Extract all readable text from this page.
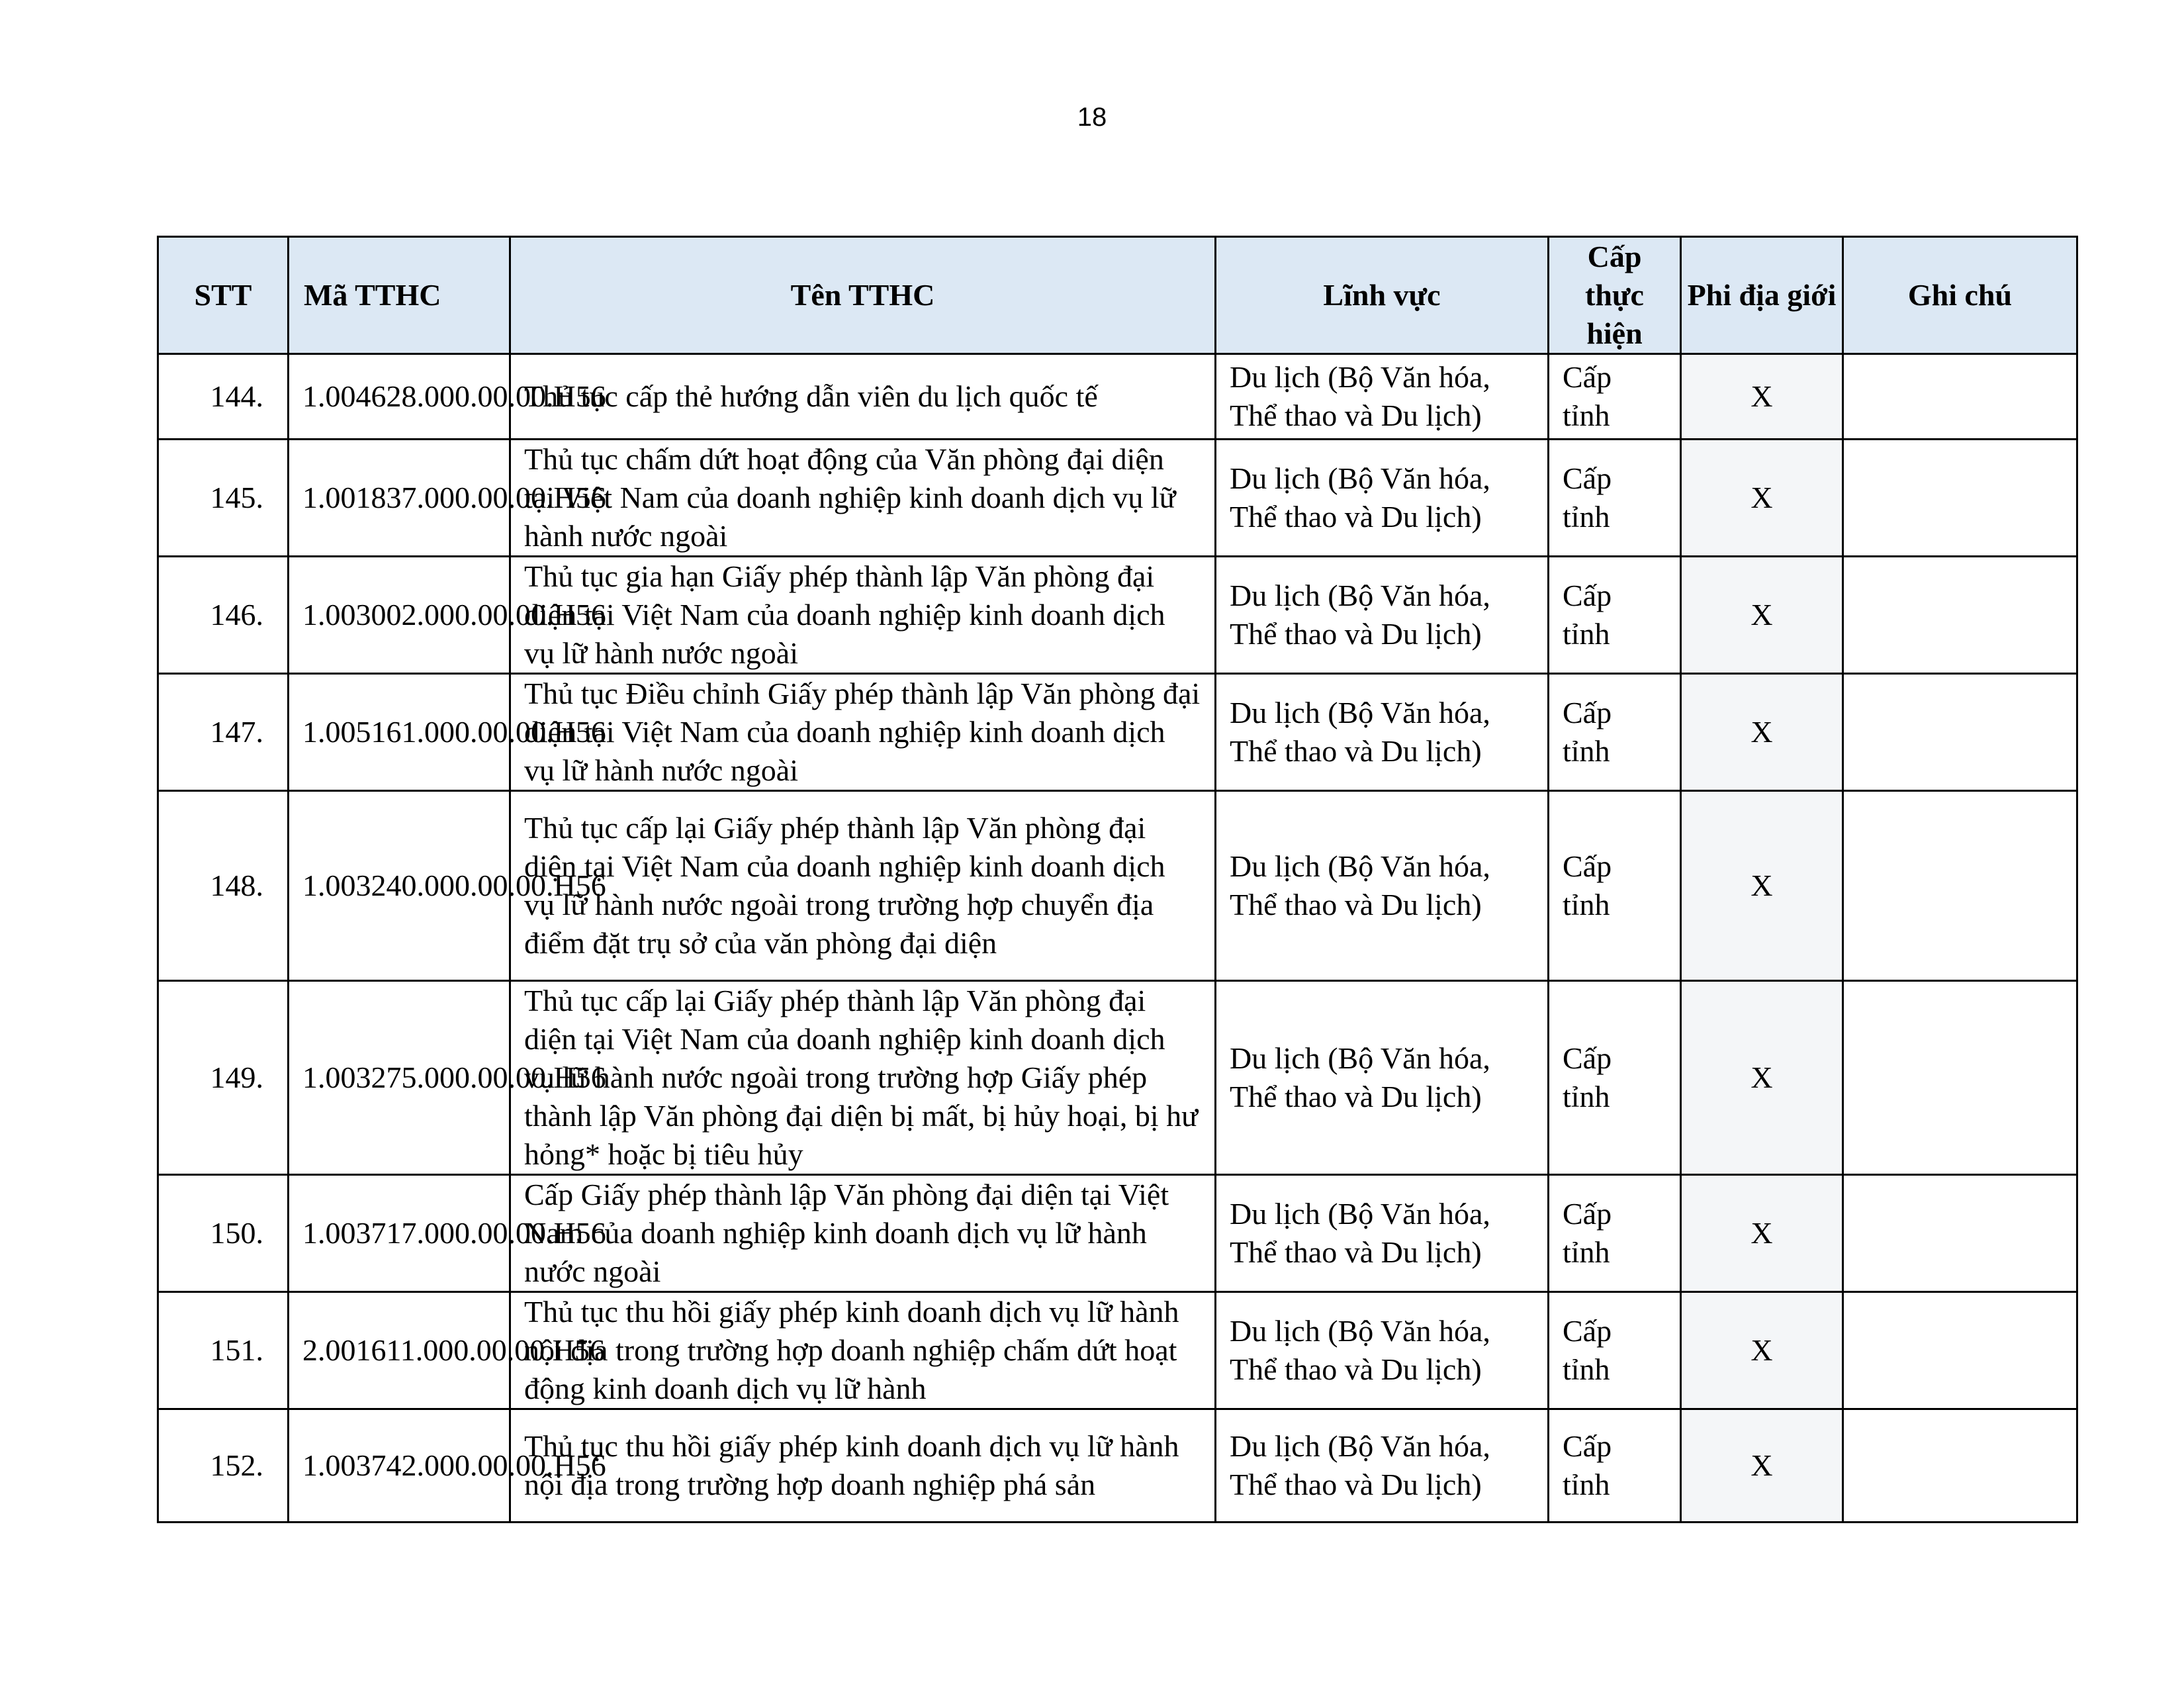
18
STT	Mã TTHC	Tên TTHC	Lĩnh vực	Cấp thực hiện	Phi địa giới	Ghi chú
144.	1.004628.000.00.00.H56	Thủ tục cấp thẻ hướng dẫn viên du lịch quốc tế	Du lịch (Bộ Văn hóa, Thể thao và Du lịch)	Cấp tỉnh	X	
145.	1.001837.000.00.00.H56	Thủ tục chấm dứt hoạt động của Văn phòng đại diện tại Việt Nam của doanh nghiệp kinh doanh dịch vụ lữ hành nước ngoài	Du lịch (Bộ Văn hóa, Thể thao và Du lịch)	Cấp tỉnh	X	
146.	1.003002.000.00.00.H56	Thủ tục gia hạn Giấy phép thành lập Văn phòng đại diện tại Việt Nam của doanh nghiệp kinh doanh dịch vụ lữ hành nước ngoài	Du lịch (Bộ Văn hóa, Thể thao và Du lịch)	Cấp tỉnh	X	
147.	1.005161.000.00.00.H56	Thủ tục Điều chỉnh Giấy phép thành lập Văn phòng đại diện tại Việt Nam của doanh nghiệp kinh doanh dịch vụ lữ hành nước ngoài	Du lịch (Bộ Văn hóa, Thể thao và Du lịch)	Cấp tỉnh	X	
148.	1.003240.000.00.00.H56	Thủ tục cấp lại Giấy phép thành lập Văn phòng đại diện tại Việt Nam của doanh nghiệp kinh doanh dịch vụ lữ hành nước ngoài trong trường hợp chuyển địa điểm đặt trụ sở của văn phòng đại diện	Du lịch (Bộ Văn hóa, Thể thao và Du lịch)	Cấp tỉnh	X	
149.	1.003275.000.00.00.H56	Thủ tục cấp lại Giấy phép thành lập Văn phòng đại diện tại Việt Nam của doanh nghiệp kinh doanh dịch vụ lữ hành nước ngoài trong trường hợp Giấy phép thành lập Văn phòng đại diện bị mất, bị hủy hoại, bị hư hỏng* hoặc bị tiêu hủy	Du lịch (Bộ Văn hóa, Thể thao và Du lịch)	Cấp tỉnh	X	
150.	1.003717.000.00.00.H56	Cấp Giấy phép thành lập Văn phòng đại diện tại Việt Nam của doanh nghiệp kinh doanh dịch vụ lữ hành nước ngoài	Du lịch (Bộ Văn hóa, Thể thao và Du lịch)	Cấp tỉnh	X	
151.	2.001611.000.00.00.H56	Thủ tục thu hồi giấy phép kinh doanh dịch vụ lữ hành nội địa trong trường hợp doanh nghiệp chấm dứt hoạt động kinh doanh dịch vụ lữ hành	Du lịch (Bộ Văn hóa, Thể thao và Du lịch)	Cấp tỉnh	X	
152.	1.003742.000.00.00.H56	Thủ tục thu hồi giấy phép kinh doanh dịch vụ lữ hành nội địa trong trường hợp doanh nghiệp phá sản	Du lịch (Bộ Văn hóa, Thể thao và Du lịch)	Cấp tỉnh	X	
